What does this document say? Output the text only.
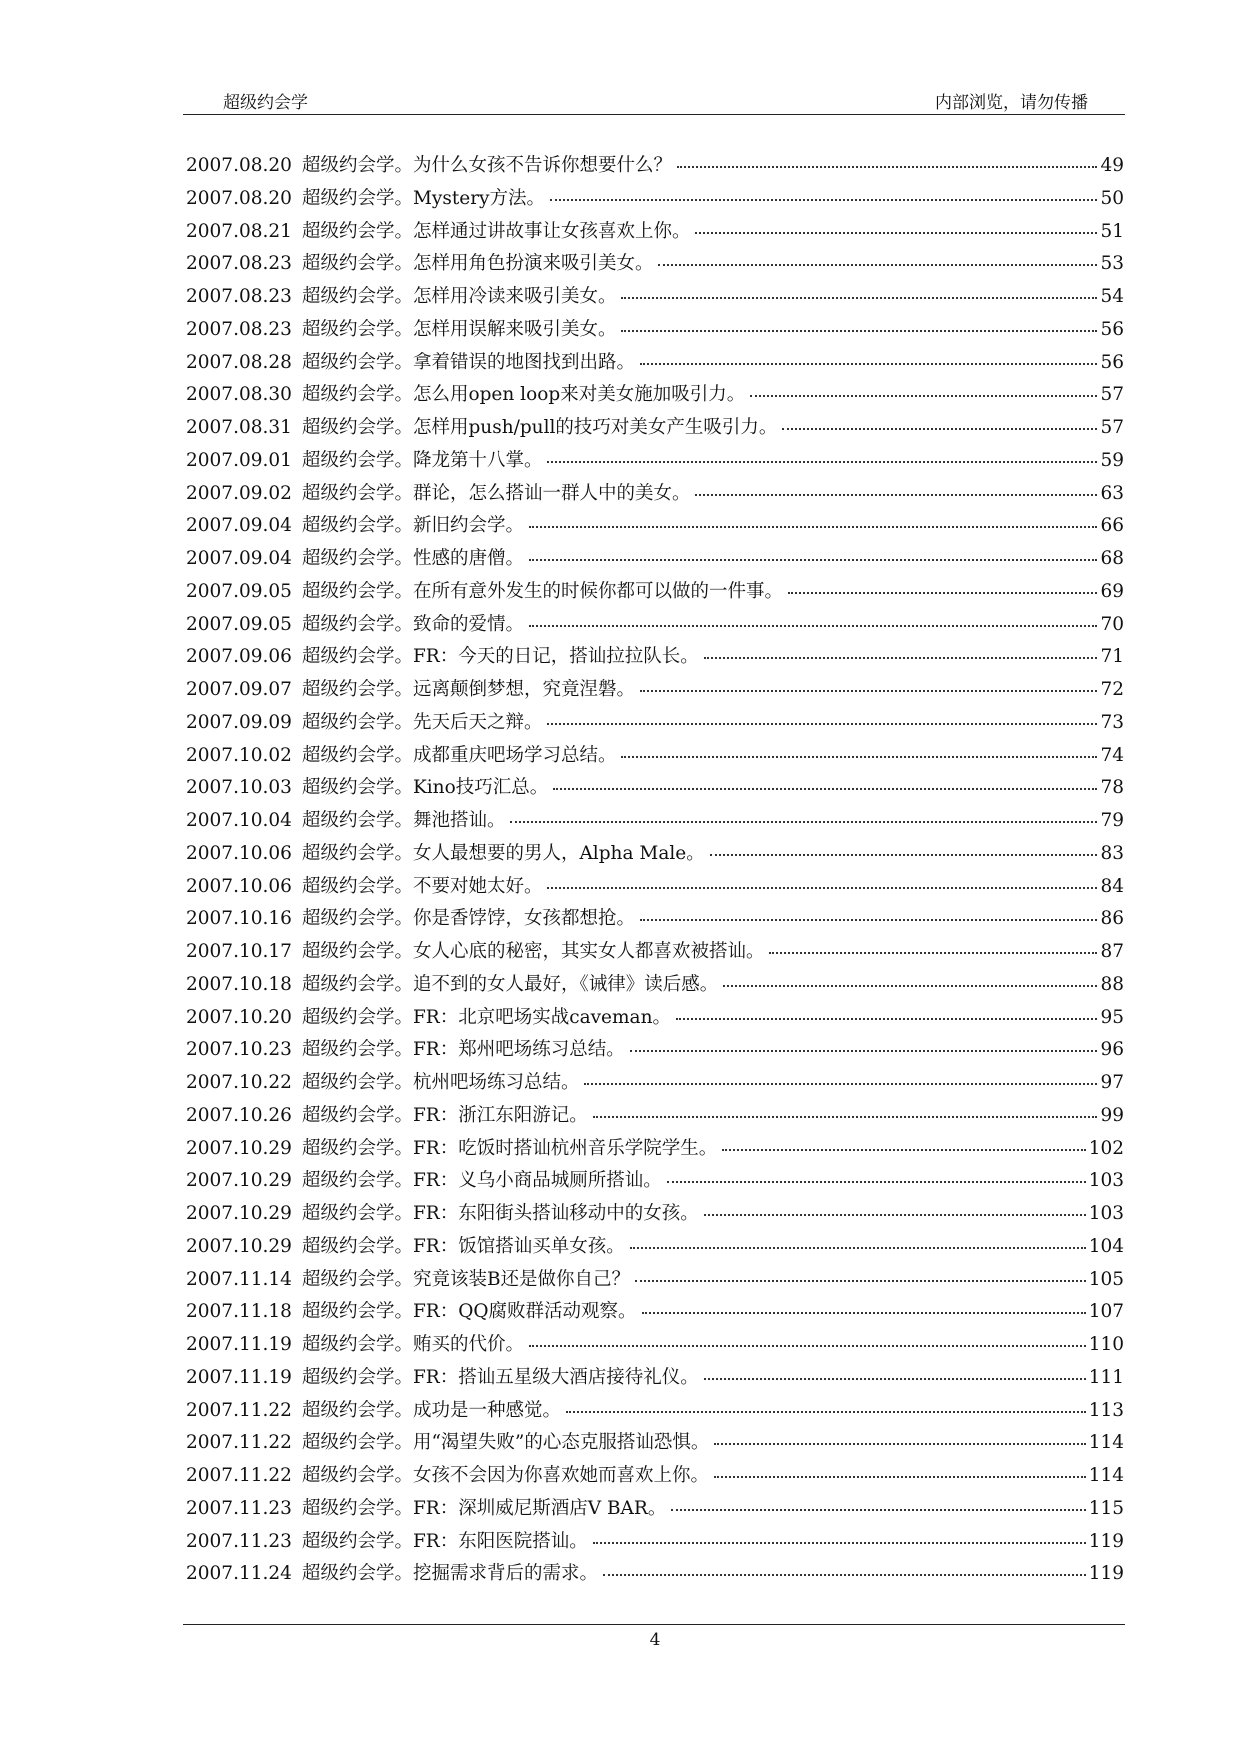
超级约会学	内部浏览，请勿传播
2007.08.20 超级约会学。为什么女孩不告诉你想要什么？	49
2007.08.20 超级约会学。Mystery方法。	50
2007.08.21 超级约会学。怎样通过讲故事让女孩喜欢上你。	51
2007.08.23 超级约会学。怎样用角色扮演来吸引美女。	53
2007.08.23 超级约会学。怎样用冷读来吸引美女。	54
2007.08.23 超级约会学。怎样用误解来吸引美女。	56
2007.08.28 超级约会学。拿着错误的地图找到出路。	56
2007.08.30 超级约会学。怎么用open loop来对美女施加吸引力。	57
2007.08.31 超级约会学。怎样用push/pull的技巧对美女产生吸引力。	57
2007.09.01 超级约会学。降龙第十八掌。	59
2007.09.02 超级约会学。群论，怎么搭讪一群人中的美女。	63
2007.09.04 超级约会学。新旧约会学。	66
2007.09.04 超级约会学。性感的唐僧。	68
2007.09.05 超级约会学。在所有意外发生的时候你都可以做的一件事。	69
2007.09.05 超级约会学。致命的爱情。	70
2007.09.06 超级约会学。FR：今天的日记，搭讪拉拉队长。	71
2007.09.07 超级约会学。远离颠倒梦想，究竟涅磐。	72
2007.09.09 超级约会学。先天后天之辩。	73
2007.10.02 超级约会学。成都重庆吧场学习总结。	74
2007.10.03 超级约会学。Kino技巧汇总。	78
2007.10.04 超级约会学。舞池搭讪。	79
2007.10.06 超级约会学。女人最想要的男人，Alpha Male。	83
2007.10.06 超级约会学。不要对她太好。	84
2007.10.16 超级约会学。你是香饽饽，女孩都想抢。	86
2007.10.17 超级约会学。女人心底的秘密，其实女人都喜欢被搭讪。	87
2007.10.18 超级约会学。追不到的女人最好，《诫律》读后感。	88
2007.10.20 超级约会学。FR：北京吧场实战caveman。	95
2007.10.23 超级约会学。FR：郑州吧场练习总结。	96
2007.10.22 超级约会学。杭州吧场练习总结。	97
2007.10.26 超级约会学。FR：浙江东阳游记。	99
2007.10.29 超级约会学。FR：吃饭时搭讪杭州音乐学院学生。	102
2007.10.29 超级约会学。FR：义乌小商品城厕所搭讪。	103
2007.10.29 超级约会学。FR：东阳街头搭讪移动中的女孩。	103
2007.10.29 超级约会学。FR：饭馆搭讪买单女孩。	104
2007.11.14 超级约会学。究竟该装B还是做你自己？	105
2007.11.18 超级约会学。FR：QQ腐败群活动观察。	107
2007.11.19 超级约会学。贿买的代价。	110
2007.11.19 超级约会学。FR：搭讪五星级大酒店接待礼仪。	111
2007.11.22 超级约会学。成功是一种感觉。	113
2007.11.22 超级约会学。用“渴望失败”的心态克服搭讪恐惧。	114
2007.11.22 超级约会学。女孩不会因为你喜欢她而喜欢上你。	114
2007.11.23 超级约会学。FR：深圳威尼斯酒店V BAR。	115
2007.11.23 超级约会学。FR：东阳医院搭讪。	119
2007.11.24 超级约会学。挖掘需求背后的需求。	119
4
